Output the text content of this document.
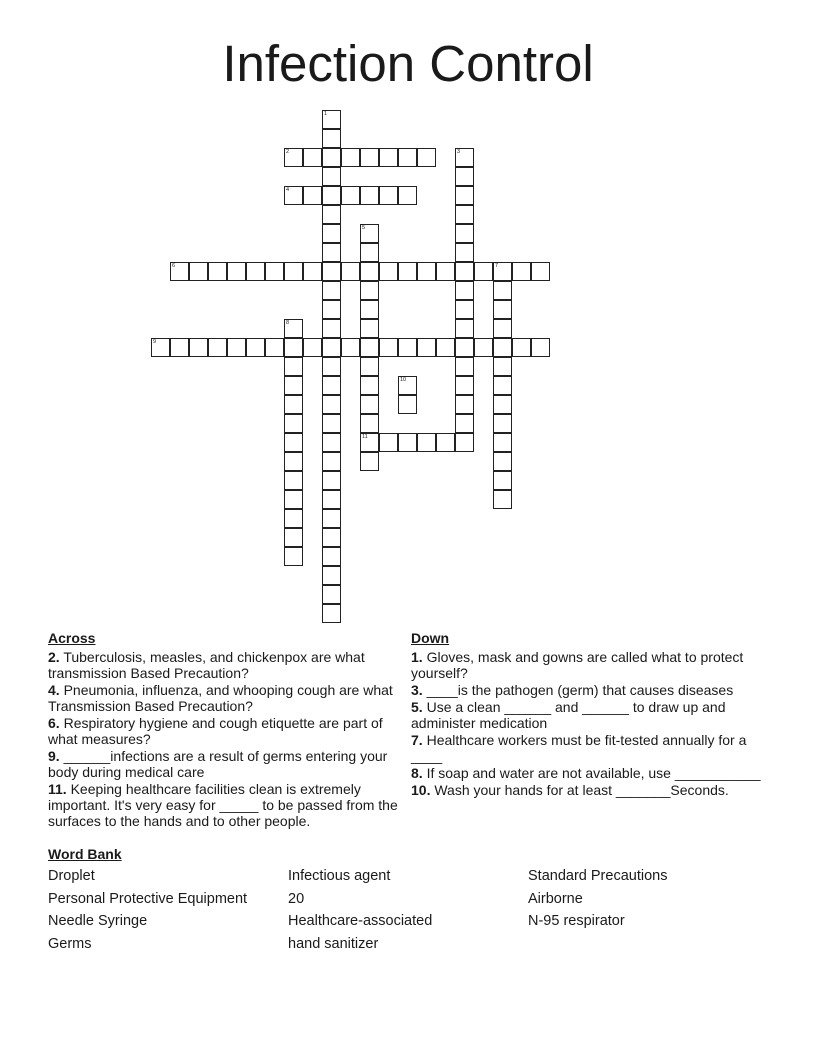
Infection Control
1
2	3
4
5
11
6	7
8
9
10
Across
2. Tuberculosis, measles, and chickenpox are what transmission Based Precaution?
4. Pneumonia, influenza, and whooping cough are what Transmission Based Precaution?
6. Respiratory hygiene and cough etiquette are part of what measures?
9. ______infections are a result of germs entering your body during medical care
11. Keeping healthcare facilities clean is extremely important. It's very easy for _____ to be passed from the surfaces to the hands and to other people.
Down
1. Gloves, mask and gowns are called what to protect yourself?
3. ____is the pathogen (germ) that causes diseases
5. Use a clean ______ and ______ to draw up and administer medication
7. Healthcare workers must be fit-tested annually for a ____
8. If soap and water are not available, use ___________
10. Wash your hands for at least _______Seconds.
Word Bank
Droplet	Infectious agent	Standard Precautions
Personal Protective Equipment	20	Airborne
Needle Syringe	Healthcare-associated	N-95 respirator
Germs	hand sanitizer
